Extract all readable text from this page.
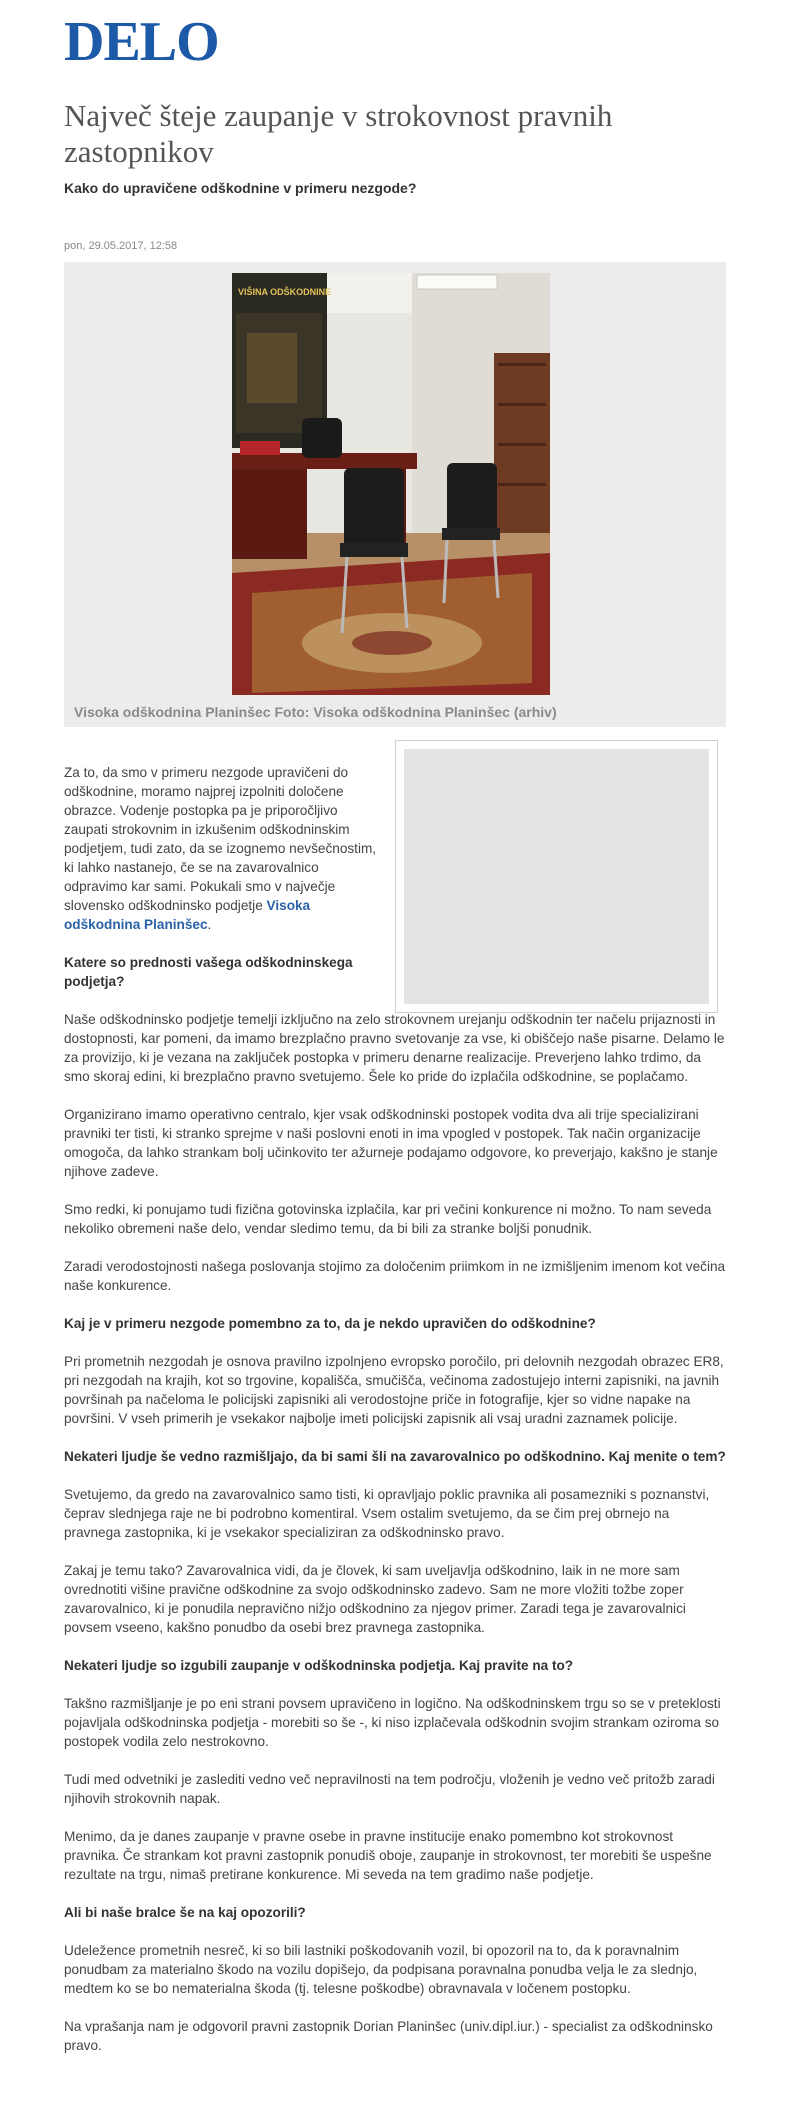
DELO
Največ šteje zaupanje v strokovnost pravnih zastopnikov
Kako do upravičene odškodnine v primeru nezgode?
pon, 29.05.2017, 12:58
VIŠINA ODŠKODNINE
Visoka odškodnina Planinšec Foto: Visoka odškodnina Planinšec (arhiv)

Za to, da smo v primeru nezgode upravičeni do odškodnine, moramo najprej izpolniti določene obrazce. Vodenje postopka pa je priporočljivo zaupati strokovnim in izkušenim odškodninskim podjetjem, tudi zato, da se izognemo nevšečnostim, ki lahko nastanejo, če se na zavarovalnico odpravimo kar sami. Pokukali smo v največje slovensko odškodninsko podjetje Visoka odškodnina Planinšec.

Katere so prednosti vašega odškodninskega podjetja?

Naše odškodninsko podjetje temelji izključno na zelo strokovnem urejanju odškodnin ter načelu prijaznosti in dostopnosti, kar pomeni, da imamo brezplačno pravno svetovanje za vse, ki obiščejo naše pisarne. Delamo le za provizijo, ki je vezana na zaključek postopka v primeru denarne realizacije. Preverjeno lahko trdimo, da smo skoraj edini, ki brezplačno pravno svetujemo. Šele ko pride do izplačila odškodnine, se poplačamo.

Organizirano imamo operativno centralo, kjer vsak odškodninski postopek vodita dva ali trije specializirani pravniki ter tisti, ki stranko sprejme v naši poslovni enoti in ima vpogled v postopek. Tak način organizacije omogoča, da lahko strankam bolj učinkovito ter ažurneje podajamo odgovore, ko preverjajo, kakšno je stanje njihove zadeve.

Smo redki, ki ponujamo tudi fizična gotovinska izplačila, kar pri večini konkurence ni možno. To nam seveda nekoliko obremeni naše delo, vendar sledimo temu, da bi bili za stranke boljši ponudnik.

Zaradi verodostojnosti našega poslovanja stojimo za določenim priimkom in ne izmišljenim imenom kot večina naše konkurence.

Kaj je v primeru nezgode pomembno za to, da je nekdo upravičen do odškodnine?

Pri prometnih nezgodah je osnova pravilno izpolnjeno evropsko poročilo, pri delovnih nezgodah obrazec ER8, pri nezgodah na krajih, kot so trgovine, kopališča, smučišča, večinoma zadostujejo interni zapisniki, na javnih površinah pa načeloma le policijski zapisniki ali verodostojne priče in fotografije, kjer so vidne napake na površini. V vseh primerih je vsekakor najbolje imeti policijski zapisnik ali vsaj uradni zaznamek policije.

Nekateri ljudje še vedno razmišljajo, da bi sami šli na zavarovalnico po odškodnino. Kaj menite o tem?

Svetujemo, da gredo na zavarovalnico samo tisti, ki opravljajo poklic pravnika ali posamezniki s poznanstvi, čeprav slednjega raje ne bi podrobno komentiral. Vsem ostalim svetujemo, da se čim prej obrnejo na pravnega zastopnika, ki je vsekakor specializiran za odškodninsko pravo.

Zakaj je temu tako? Zavarovalnica vidi, da je človek, ki sam uveljavlja odškodnino, laik in ne more sam ovrednotiti višine pravične odškodnine za svojo odškodninsko zadevo. Sam ne more vložiti tožbe zoper zavarovalnico, ki je ponudila nepravično nižjo odškodnino za njegov primer. Zaradi tega je zavarovalnici povsem vseeno, kakšno ponudbo da osebi brez pravnega zastopnika.

Nekateri ljudje so izgubili zaupanje v odškodninska podjetja. Kaj pravite na to?

Takšno razmišljanje je po eni strani povsem upravičeno in logično. Na odškodninskem trgu so se v preteklosti pojavljala odškodninska podjetja - morebiti so še -, ki niso izplačevala odškodnin svojim strankam oziroma so postopek vodila zelo nestrokovno.

Tudi med odvetniki je zaslediti vedno več nepravilnosti na tem področju, vloženih je vedno več pritožb zaradi njihovih strokovnih napak.

Menimo, da je danes zaupanje v pravne osebe in pravne institucije enako pomembno kot strokovnost pravnika. Če strankam kot pravni zastopnik ponudiš oboje, zaupanje in strokovnost, ter morebiti še uspešne rezultate na trgu, nimaš pretirane konkurence. Mi seveda na tem gradimo naše podjetje.

Ali bi naše bralce še na kaj opozorili?

Udeležence prometnih nesreč, ki so bili lastniki poškodovanih vozil, bi opozoril na to, da k poravnalnim ponudbam za materialno škodo na vozilu dopišejo, da podpisana poravnalna ponudba velja le za slednjo, medtem ko se bo nematerialna škoda (tj. telesne poškodbe) obravnavala v ločenem postopku.

Na vprašanja nam je odgovoril pravni zastopnik Dorian Planinšec (univ.dipl.iur.) - specialist za odškodninsko pravo.
